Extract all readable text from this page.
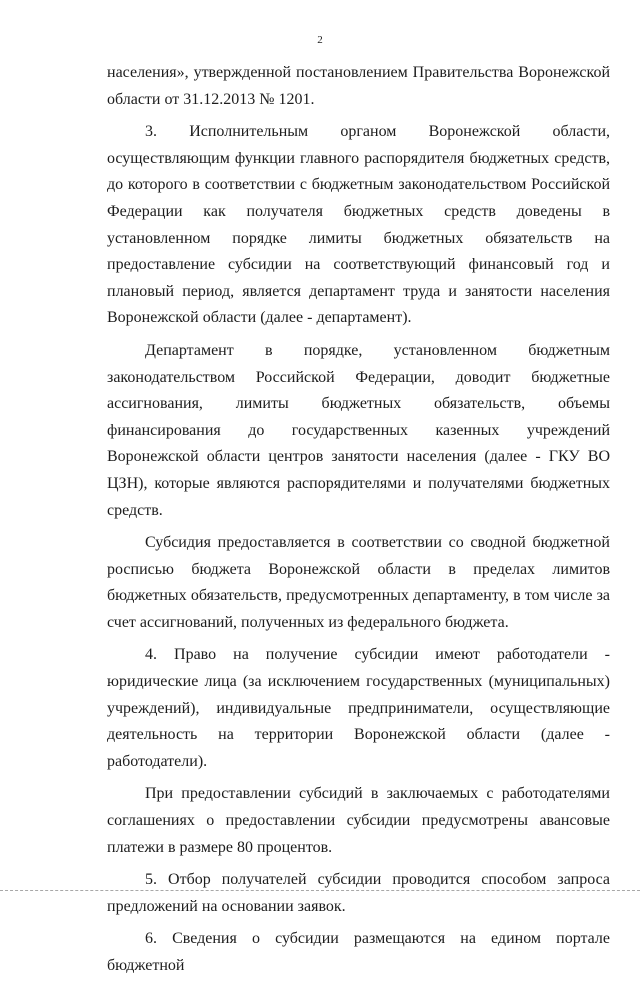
2

населения», утвержденной постановлением Правительства Воронежской области от 31.12.2013 № 1201.

3. Исполнительным органом Воронежской области, осуществляющим функции главного распорядителя бюджетных средств, до которого в соответствии с бюджетным законодательством Российской Федерации как получателя бюджетных средств доведены в установленном порядке лимиты бюджетных обязательств на предоставление субсидии на соответствующий финансовый год и плановый период, является департамент труда и занятости населения Воронежской области (далее - департамент).

Департамент в порядке, установленном бюджетным законодательством Российской Федерации, доводит бюджетные ассигнования, лимиты бюджетных обязательств, объемы финансирования до государственных казенных учреждений Воронежской области центров занятости населения (далее - ГКУ ВО ЦЗН), которые являются распорядителями и получателями бюджетных средств.

Субсидия предоставляется в соответствии со сводной бюджетной росписью бюджета Воронежской области в пределах лимитов бюджетных обязательств, предусмотренных департаменту, в том числе за счет ассигнований, полученных из федерального бюджета.

4. Право на получение субсидии имеют работодатели - юридические лица (за исключением государственных (муниципальных) учреждений), индивидуальные предприниматели, осуществляющие деятельность на территории Воронежской области (далее - работодатели).

При предоставлении субсидий в заключаемых с работодателями соглашениях о предоставлении субсидии предусмотрены авансовые платежи в размере 80 процентов.

5. Отбор получателей субсидии проводится способом запроса предложений на основании заявок.

6. Сведения о субсидии размещаются на едином портале бюджетной
